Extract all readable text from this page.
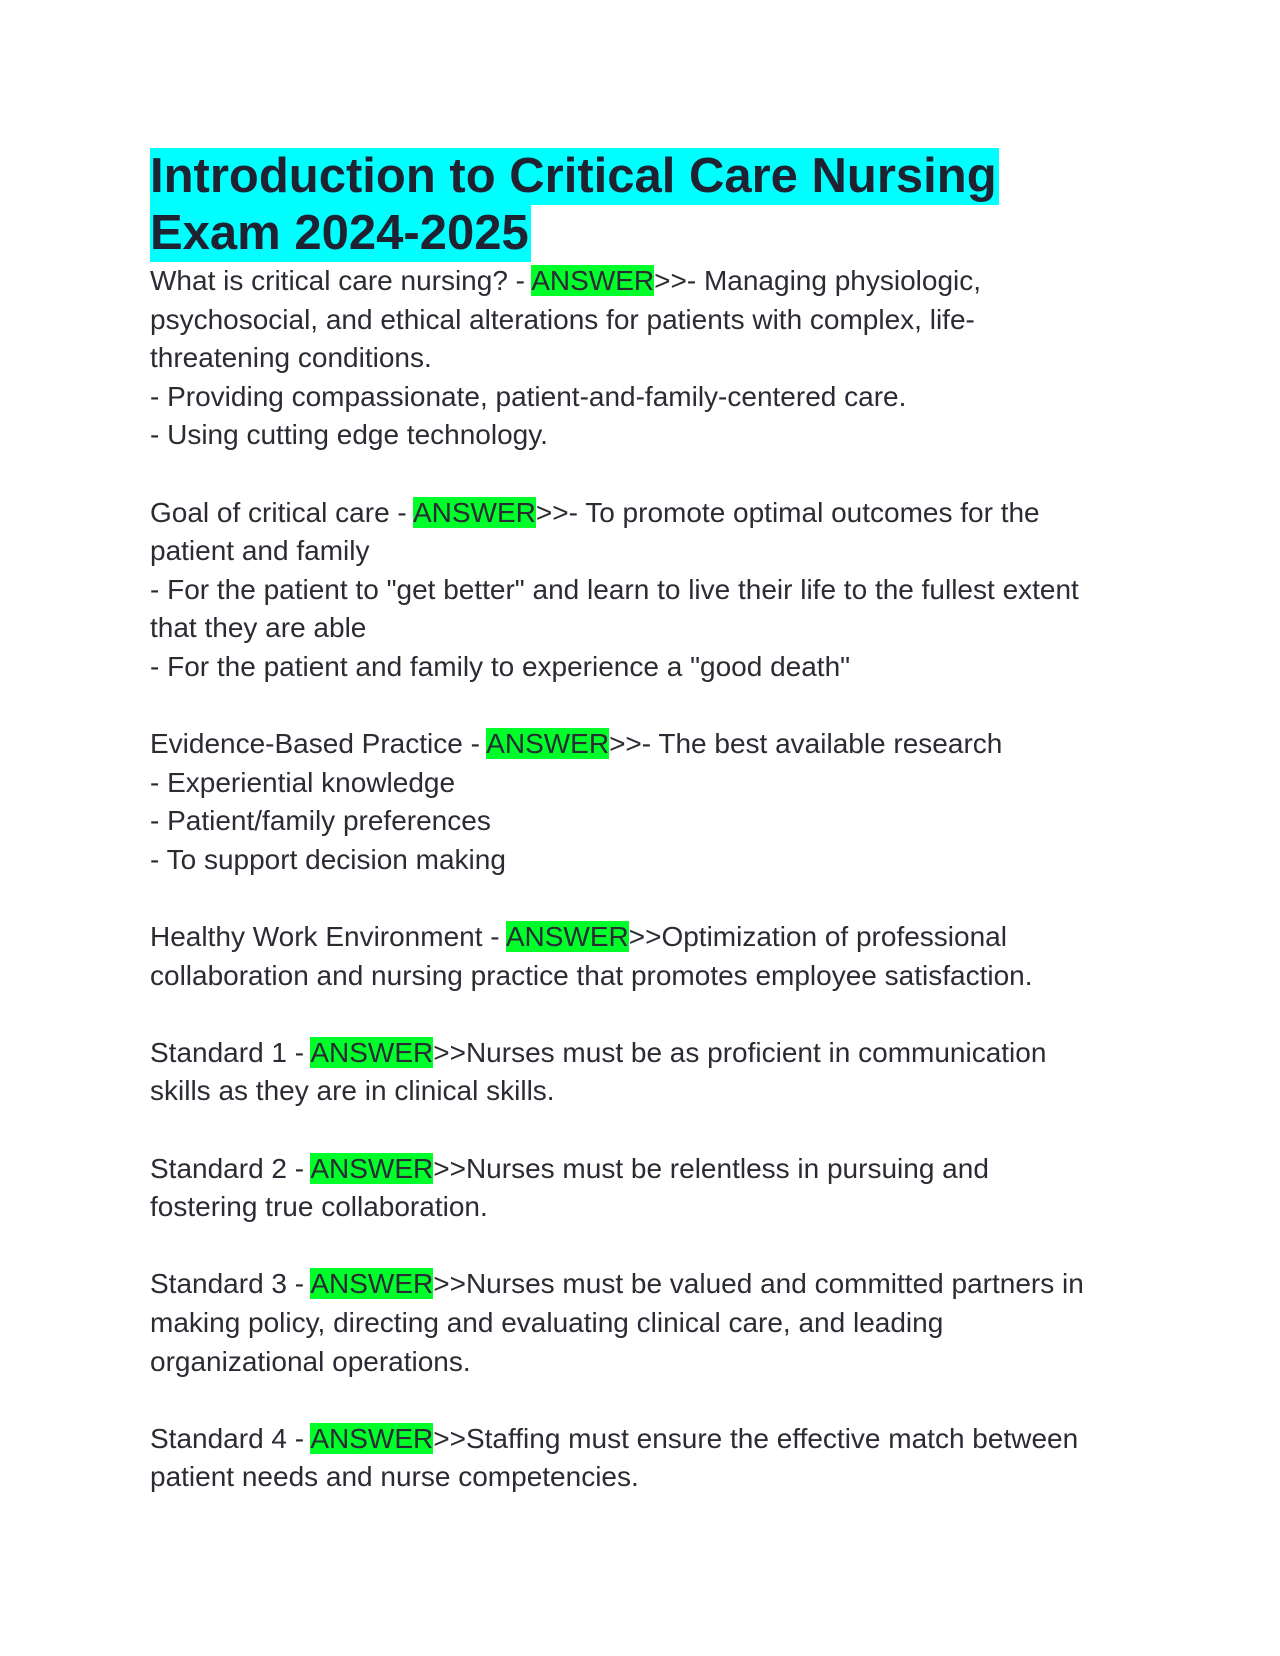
Introduction to Critical Care Nursing
Exam 2024-2025

What is critical care nursing? - ANSWER>>- Managing physiologic,
psychosocial, and ethical alterations for patients with complex, life-
threatening conditions.
- Providing compassionate, patient-and-family-centered care.
- Using cutting edge technology.

Goal of critical care - ANSWER>>- To promote optimal outcomes for the
patient and family
- For the patient to "get better" and learn to live their life to the fullest extent
that they are able
- For the patient and family to experience a "good death"

Evidence-Based Practice - ANSWER>>- The best available research
- Experiential knowledge
- Patient/family preferences
- To support decision making

Healthy Work Environment - ANSWER>>Optimization of professional
collaboration and nursing practice that promotes employee satisfaction.

Standard 1 - ANSWER>>Nurses must be as proficient in communication
skills as they are in clinical skills.

Standard 2 - ANSWER>>Nurses must be relentless in pursuing and
fostering true collaboration.

Standard 3 - ANSWER>>Nurses must be valued and committed partners in
making policy, directing and evaluating clinical care, and leading
organizational operations.

Standard 4 - ANSWER>>Staffing must ensure the effective match between
patient needs and nurse competencies.
